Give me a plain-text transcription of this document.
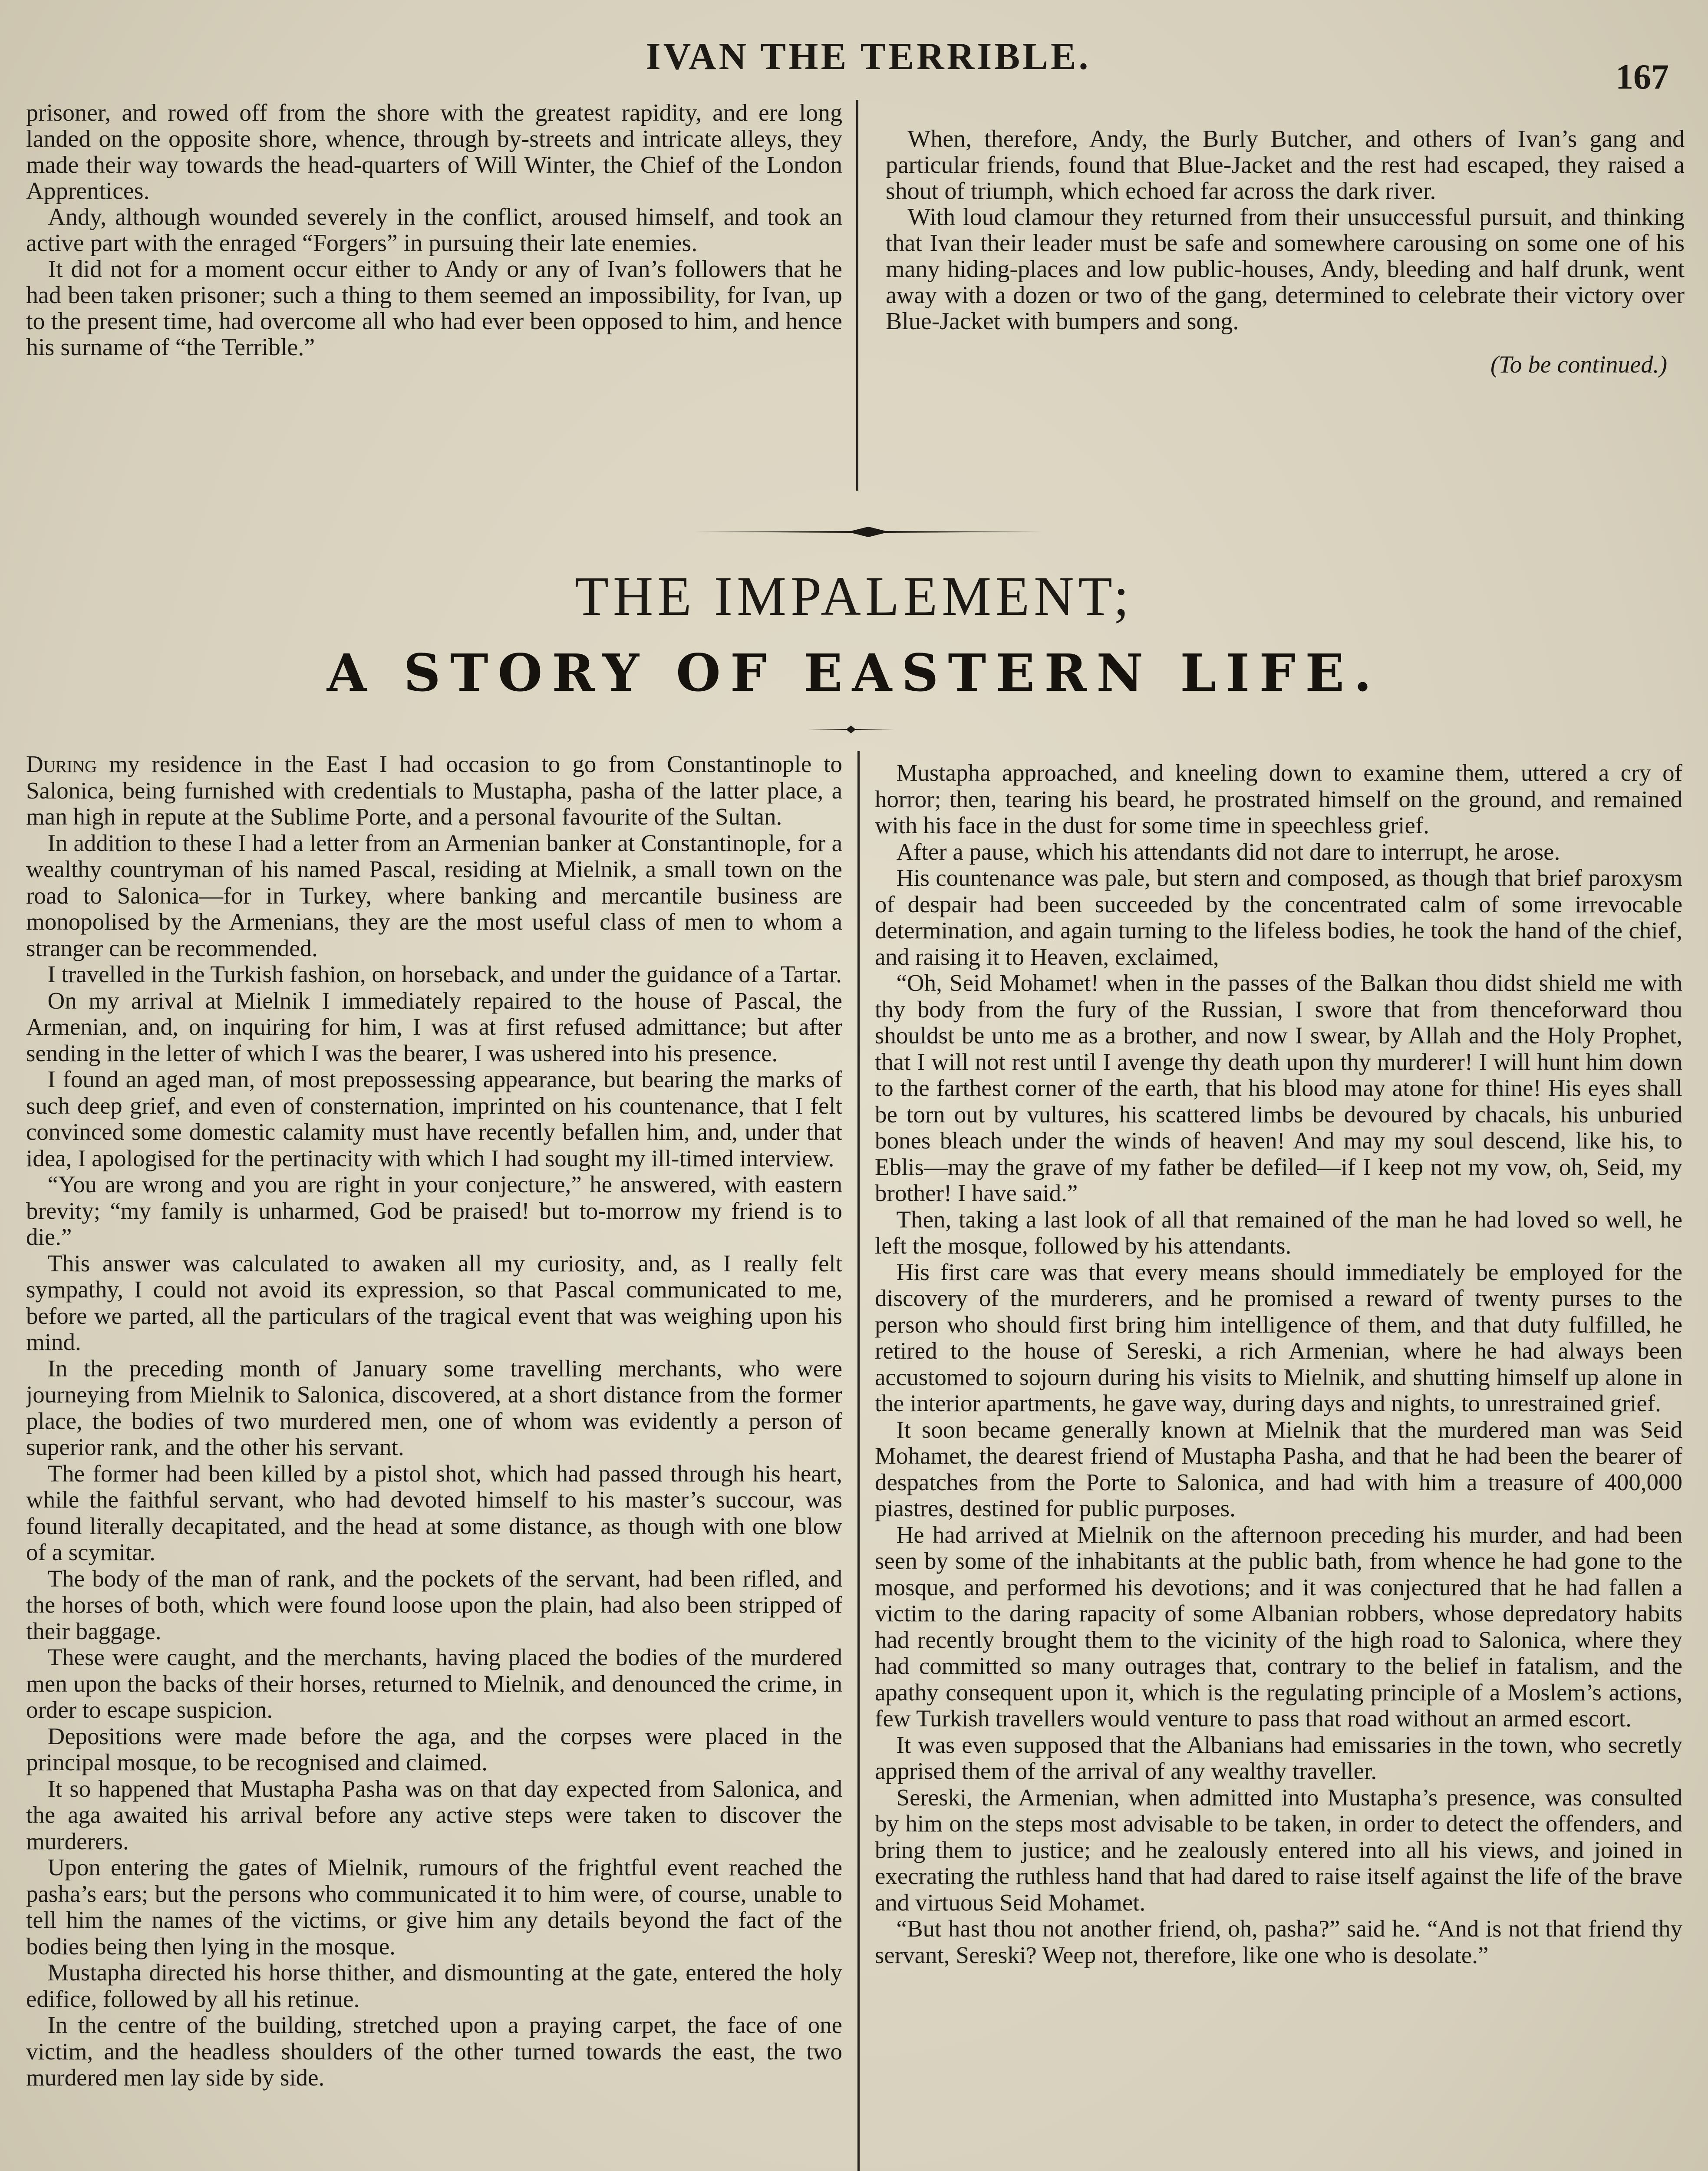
IVAN THE TERRIBLE.	167

prisoner, and rowed off from the shore with the greatest rapidity, and ere long landed on the opposite shore, whence, through by-streets and intricate alleys, they made their way towards the head-quarters of Will Winter, the Chief of the London Apprentices.

Andy, although wounded severely in the conflict, aroused himself, and took an active part with the enraged “Forgers” in pursuing their late enemies.

It did not for a moment occur either to Andy or any of Ivan’s followers that he had been taken prisoner; such a thing to them seemed an impossibility, for Ivan, up to the present time, had overcome all who had ever been opposed to him, and hence his surname of “the Terrible.”

When, therefore, Andy, the Burly Butcher, and others of Ivan’s gang and particular friends, found that Blue-Jacket and the rest had escaped, they raised a shout of triumph, which echoed far across the dark river.

With loud clamour they returned from their unsuccessful pursuit, and thinking that Ivan their leader must be safe and somewhere carousing on some one of his many hiding-places and low public-houses, Andy, bleeding and half drunk, went away with a dozen or two of the gang, determined to celebrate their victory over Blue-Jacket with bumpers and song.

(To be continued.)

THE IMPALEMENT;
A STORY OF EASTERN LIFE.

During my residence in the East I had occasion to go from Constantinople to Salonica, being furnished with credentials to Mustapha, pasha of the latter place, a man high in repute at the Sublime Porte, and a personal favourite of the Sultan.

In addition to these I had a letter from an Armenian banker at Constantinople, for a wealthy countryman of his named Pascal, residing at Mielnik, a small town on the road to Salonica—for in Turkey, where banking and mercantile business are monopolised by the Armenians, they are the most useful class of men to whom a stranger can be recommended.

I travelled in the Turkish fashion, on horseback, and under the guidance of a Tartar.

On my arrival at Mielnik I immediately repaired to the house of Pascal, the Armenian, and, on inquiring for him, I was at first refused admittance; but after sending in the letter of which I was the bearer, I was ushered into his presence.

I found an aged man, of most prepossessing appearance, but bearing the marks of such deep grief, and even of consternation, imprinted on his countenance, that I felt convinced some domestic calamity must have recently befallen him, and, under that idea, I apologised for the pertinacity with which I had sought my ill-timed interview.

“You are wrong and you are right in your conjecture,” he answered, with eastern brevity; “my family is unharmed, God be praised! but to-morrow my friend is to die.”

This answer was calculated to awaken all my curiosity, and, as I really felt sympathy, I could not avoid its expression, so that Pascal communicated to me, before we parted, all the particulars of the tragical event that was weighing upon his mind.

In the preceding month of January some travelling merchants, who were journeying from Mielnik to Salonica, discovered, at a short distance from the former place, the bodies of two murdered men, one of whom was evidently a person of superior rank, and the other his servant.

The former had been killed by a pistol shot, which had passed through his heart, while the faithful servant, who had devoted himself to his master’s succour, was found literally decapitated, and the head at some distance, as though with one blow of a scymitar.

The body of the man of rank, and the pockets of the servant, had been rifled, and the horses of both, which were found loose upon the plain, had also been stripped of their baggage.

These were caught, and the merchants, having placed the bodies of the murdered men upon the backs of their horses, returned to Mielnik, and denounced the crime, in order to escape suspicion.

Depositions were made before the aga, and the corpses were placed in the principal mosque, to be recognised and claimed.

It so happened that Mustapha Pasha was on that day expected from Salonica, and the aga awaited his arrival before any active steps were taken to discover the murderers.

Upon entering the gates of Mielnik, rumours of the frightful event reached the pasha’s ears; but the persons who communicated it to him were, of course, unable to tell him the names of the victims, or give him any details beyond the fact of the bodies being then lying in the mosque.

Mustapha directed his horse thither, and dismounting at the gate, entered the holy edifice, followed by all his retinue.

In the centre of the building, stretched upon a praying carpet, the face of one victim, and the headless shoulders of the other turned towards the east, the two murdered men lay side by side.

Mustapha approached, and kneeling down to examine them, uttered a cry of horror; then, tearing his beard, he prostrated himself on the ground, and remained with his face in the dust for some time in speechless grief.

After a pause, which his attendants did not dare to interrupt, he arose.

His countenance was pale, but stern and composed, as though that brief paroxysm of despair had been succeeded by the concentrated calm of some irrevocable determination, and again turning to the lifeless bodies, he took the hand of the chief, and raising it to Heaven, exclaimed,

“Oh, Seid Mohamet! when in the passes of the Balkan thou didst shield me with thy body from the fury of the Russian, I swore that from thenceforward thou shouldst be unto me as a brother, and now I swear, by Allah and the Holy Prophet, that I will not rest until I avenge thy death upon thy murderer! I will hunt him down to the farthest corner of the earth, that his blood may atone for thine! His eyes shall be torn out by vultures, his scattered limbs be devoured by chacals, his unburied bones bleach under the winds of heaven! And may my soul descend, like his, to Eblis—may the grave of my father be defiled—if I keep not my vow, oh, Seid, my brother! I have said.”

Then, taking a last look of all that remained of the man he had loved so well, he left the mosque, followed by his attendants.

His first care was that every means should immediately be employed for the discovery of the murderers, and he promised a reward of twenty purses to the person who should first bring him intelligence of them, and that duty fulfilled, he retired to the house of Sereski, a rich Armenian, where he had always been accustomed to sojourn during his visits to Mielnik, and shutting himself up alone in the interior apartments, he gave way, during days and nights, to unrestrained grief.

It soon became generally known at Mielnik that the murdered man was Seid Mohamet, the dearest friend of Mustapha Pasha, and that he had been the bearer of despatches from the Porte to Salonica, and had with him a treasure of 400,000 piastres, destined for public purposes.

He had arrived at Mielnik on the afternoon preceding his murder, and had been seen by some of the inhabitants at the public bath, from whence he had gone to the mosque, and performed his devotions; and it was conjectured that he had fallen a victim to the daring rapacity of some Albanian robbers, whose depredatory habits had recently brought them to the vicinity of the high road to Salonica, where they had committed so many outrages that, contrary to the belief in fatalism, and the apathy consequent upon it, which is the regulating principle of a Moslem’s actions, few Turkish travellers would venture to pass that road without an armed escort.

It was even supposed that the Albanians had emissaries in the town, who secretly apprised them of the arrival of any wealthy traveller.

Sereski, the Armenian, when admitted into Mustapha’s presence, was consulted by him on the steps most advisable to be taken, in order to detect the offenders, and bring them to justice; and he zealously entered into all his views, and joined in execrating the ruthless hand that had dared to raise itself against the life of the brave and virtuous Seid Mohamet.

“But hast thou not another friend, oh, pasha?” said he. “And is not that friend thy servant, Sereski? Weep not, therefore, like one who is desolate.”
